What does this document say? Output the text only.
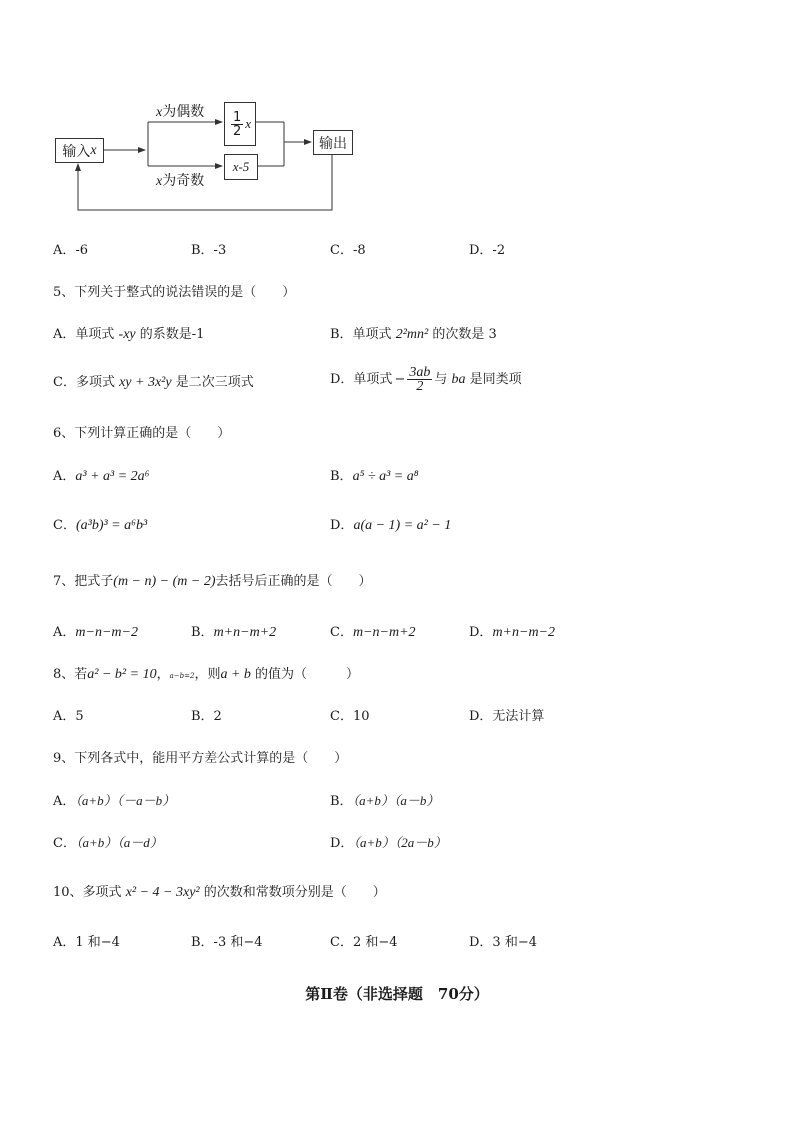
输入 x
x为偶数
x为奇数
$\frac{1}{2}$ x
x-5
输出
A．-6	B．-3	C．-8	D．-2
5、下列关于整式的说法错误的是（　　）
A．单项式 -xy 的系数是-1	B．单项式 2²mn² 的次数是 3
C．多项式 xy + 3x²y 是二次三项式	D．单项式 − $\frac{3ab}{2}$ 与
ba
是同类项
6、下列计算正确的是（　　）
A．a³ + a³ = 2a⁶	B．a⁵ ÷ a³ = a⁸
C．(a³b)³ = a⁶b³	D．a(a − 1) = a² − 1
7、把式子(m − n) − (m − 2)去括号后正确的是（　　）
A．m−n−m−2	B．m+n−m+2	C．m−n−m+2	D．m+n−m−2
8、若a² − b² = 10，a−b=2，则a + b 的值为（　　　）
A．5	B．2	C．10	D．无法计算
9、下列各式中，能用平方差公式计算的是（　　）
A．（a+b）（－a－b）	B．（a+b）（a－b）
C．（a+b）（a－d）	D．（a+b）（2a－b）
10、多项式 x² − 4 − 3xy² 的次数和常数项分别是（　　）
A．1 和−4	B．-3 和−4	C．2 和−4	D．3 和−4
第Ⅱ卷（非选择题　70分）
